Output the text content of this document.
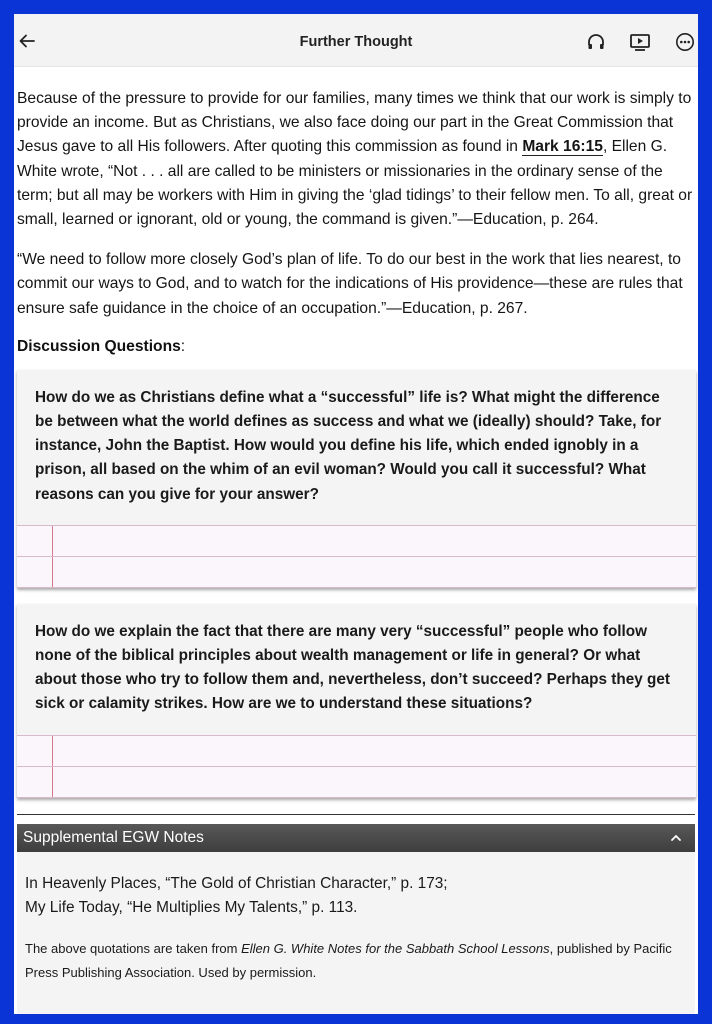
Further Thought

Because of the pressure to provide for our families, many times we think that our work is simply to provide an income. But as Christians, we also face doing our part in the Great Commission that Jesus gave to all His followers. After quoting this commission as found in Mark 16:15, Ellen G. White wrote, “Not . . . all are called to be ministers or missionaries in the ordinary sense of the term; but all may be workers with Him in giving the ‘glad tidings’ to their fellow men. To all, great or small, learned or ignorant, old or young, the command is given.”—Education, p. 264.

“We need to follow more closely God’s plan of life. To do our best in the work that lies nearest, to commit our ways to God, and to watch for the indications of His providence—these are rules that ensure safe guidance in the choice of an occupation.”—Education, p. 267.

Discussion Questions:

How do we as Christians define what a “successful” life is? What might the difference be between what the world defines as success and what we (ideally) should? Take, for instance, John the Baptist. How would you define his life, which ended ignobly in a prison, all based on the whim of an evil woman? Would you call it successful? What reasons can you give for your answer?
How do we explain the fact that there are many very “successful” people who follow none of the biblical principles about wealth management or life in general? Or what about those who try to follow them and, nevertheless, don’t succeed? Perhaps they get sick or calamity strikes. How are we to understand these situations?
Supplemental EGW Notes
In Heavenly Places, “The Gold of Christian Character,” p. 173;
My Life Today, “He Multiplies My Talents,” p. 113.
The above quotations are taken from Ellen G. White Notes for the Sabbath School Lessons, published by Pacific Press Publishing Association. Used by permission.
